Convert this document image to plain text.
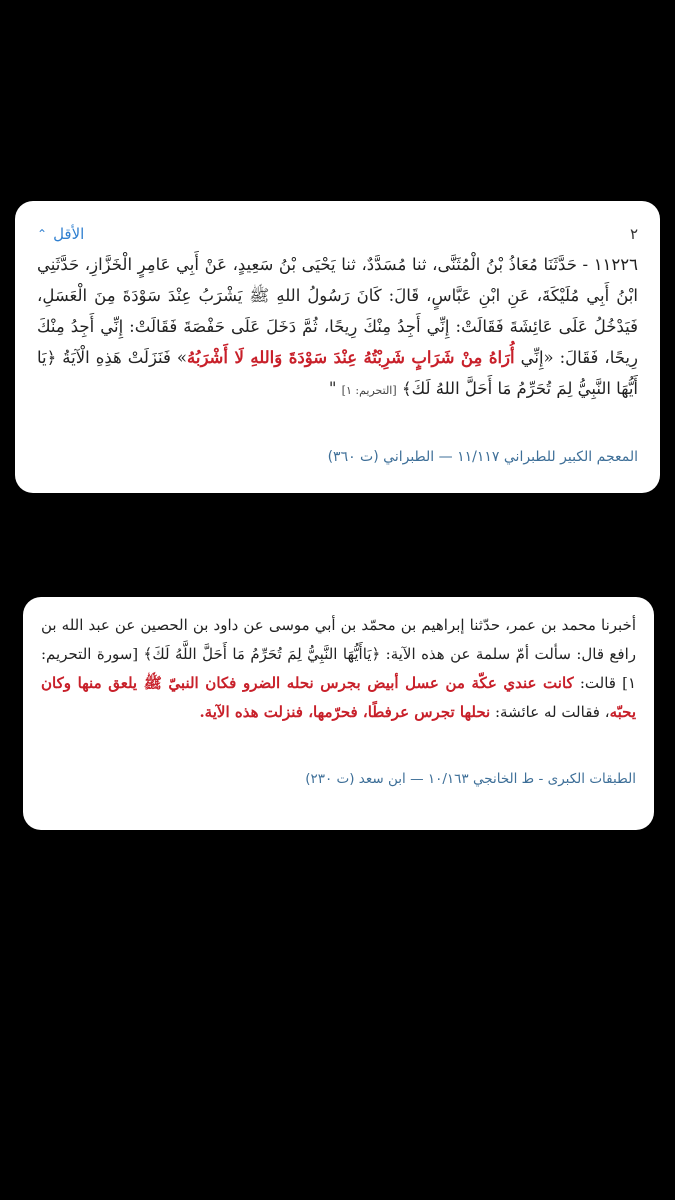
٢
الأقل
⌃
١١٢٢٦ - حَدَّثَنَا مُعَاذُ بْنُ الْمُثَنَّى، ثنا مُسَدَّدٌ، ثنا يَحْيَى بْنُ سَعِيدٍ، عَنْ أَبِي عَامِرٍ الْخَزَّازِ، حَدَّثَنِي ابْنُ أَبِي مُلَيْكَةَ، عَنِ ابْنِ عَبَّاسٍ، قَالَ: كَانَ رَسُولُ اللهِ ﷺ يَشْرَبُ عِنْدَ سَوْدَةَ مِنَ الْعَسَلِ، فَيَدْخُلُ عَلَى عَائِشَةَ فَقَالَتْ: إِنِّي أَجِدُ مِنْكَ رِيحًا، ثُمَّ دَخَلَ عَلَى حَفْصَةَ فَقَالَتْ: إِنِّي أَجِدُ مِنْكَ رِيحًا، فَقَالَ: «إِنِّي أُرَاهُ مِنْ شَرَابٍ شَرِبْتُهُ عِنْدَ سَوْدَةَ وَاللهِ لَا أَشْرَبُهُ» فَنَزَلَتْ هَذِهِ الْآيَةُ ﴿يَا أَيُّهَا النَّبِيُّ لِمَ تُحَرِّمُ مَا أَحَلَّ اللهُ لَكَ﴾ [التحريم: ١] "
المعجم الكبير للطبراني ١١/١١٧ — الطبراني (ت ٣٦٠)
أخبرنا محمد بن عمر، حدّثنا إبراهيم بن محمّد بن أبي موسى عن داود بن الحصين عن عبد الله بن رافع قال: سألت أمّ سلمة عن هذه الآية: ﴿يَاأَيُّهَا النَّبِيُّ لِمَ تُحَرِّمُ مَا أَحَلَّ اللَّهُ لَكَ﴾ [سورة التحريم: ١] قالت: كانت عندي عكّة من عسل أبيض بجرس نحله الضرو فكان النبيّ ﷺ يلعق منها وكان يحبّه، فقالت له عائشة: نحلها تجرس عرفطًا، فحرّمها، فنزلت هذه الآية.
الطبقات الكبرى - ط الخانجي ١٠/١٦٣ — ابن سعد (ت ٢٣٠)
